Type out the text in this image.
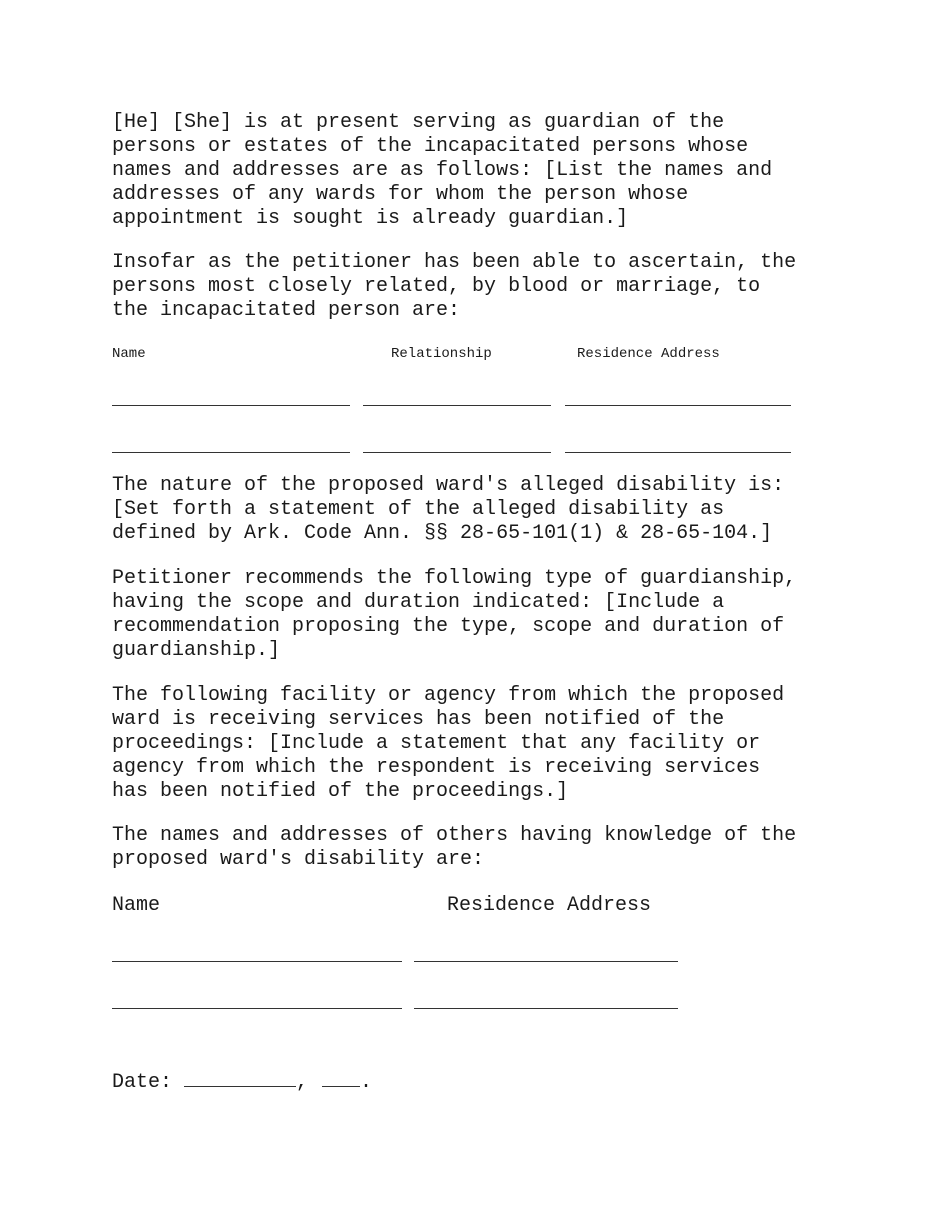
[He] [She] is at present serving as guardian of the
persons or estates of the incapacitated persons whose
names and addresses are as follows: [List the names and
addresses of any wards for whom the person whose
appointment is sought is already guardian.]

Insofar as the petitioner has been able to ascertain, the
persons most closely related, by blood or marriage, to
the incapacitated person are:

Name	Relationship	Residence Address

The nature of the proposed ward's alleged disability is:
[Set forth a statement of the alleged disability as
defined by Ark. Code Ann. §§ 28-65-101(1) & 28-65-104.]

Petitioner recommends the following type of guardianship,
having the scope and duration indicated: [Include a
recommendation proposing the type, scope and duration of
guardianship.]

The following facility or agency from which the proposed
ward is receiving services has been notified of the
proceedings: [Include a statement that any facility or
agency from which the respondent is receiving services
has been notified of the proceedings.]

The names and addresses of others having knowledge of the
proposed ward's disability are:

Name	Residence Address
Date:	,	.
